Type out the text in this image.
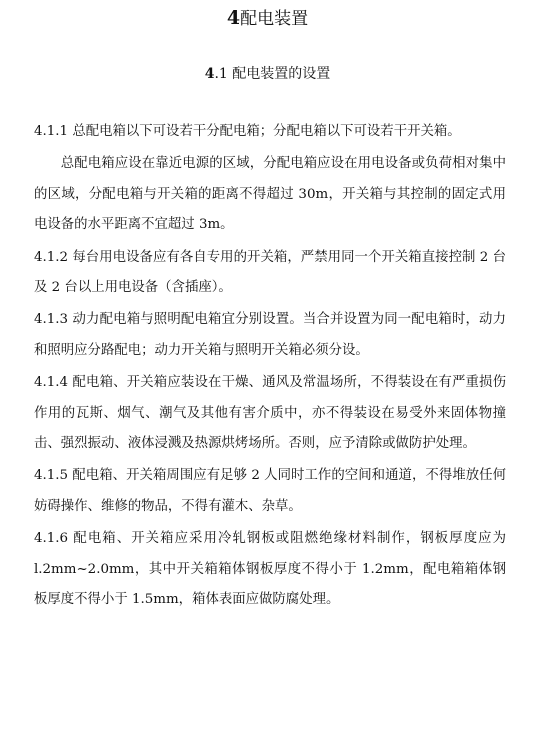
4配电装置
4.1 配电装置的设置

4.1.1 总配电箱以下可设若干分配电箱；分配电箱以下可设若干开关箱。

总配电箱应设在靠近电源的区域，分配电箱应设在用电设备或负荷相对集中的区域，分配电箱与开关箱的距离不得超过 30m，开关箱与其控制的固定式用电设备的水平距离不宜超过 3m。

4.1.2 每台用电设备应有各自专用的开关箱，严禁用同一个开关箱直接控制 2 台及 2 台以上用电设备（含插座）。

4.1.3 动力配电箱与照明配电箱宜分别设置。当合并设置为同一配电箱时，动力和照明应分路配电；动力开关箱与照明开关箱必须分设。

4.1.4 配电箱、开关箱应装设在干燥、通风及常温场所，不得装设在有严重损伤作用的瓦斯、烟气、潮气及其他有害介质中，亦不得装设在易受外来固体物撞击、强烈振动、液体浸溅及热源烘烤场所。否则，应予清除或做防护处理。

4.1.5 配电箱、开关箱周围应有足够 2 人同时工作的空间和通道，不得堆放任何妨碍操作、维修的物品，不得有灌木、杂草。

4.1.6 配电箱、开关箱应采用冷轧钢板或阻燃绝缘材料制作，钢板厚度应为 l.2mm~2.0mm，其中开关箱箱体钢板厚度不得小于 1.2mm，配电箱箱体钢板厚度不得小于 1.5mm，箱体表面应做防腐处理。
